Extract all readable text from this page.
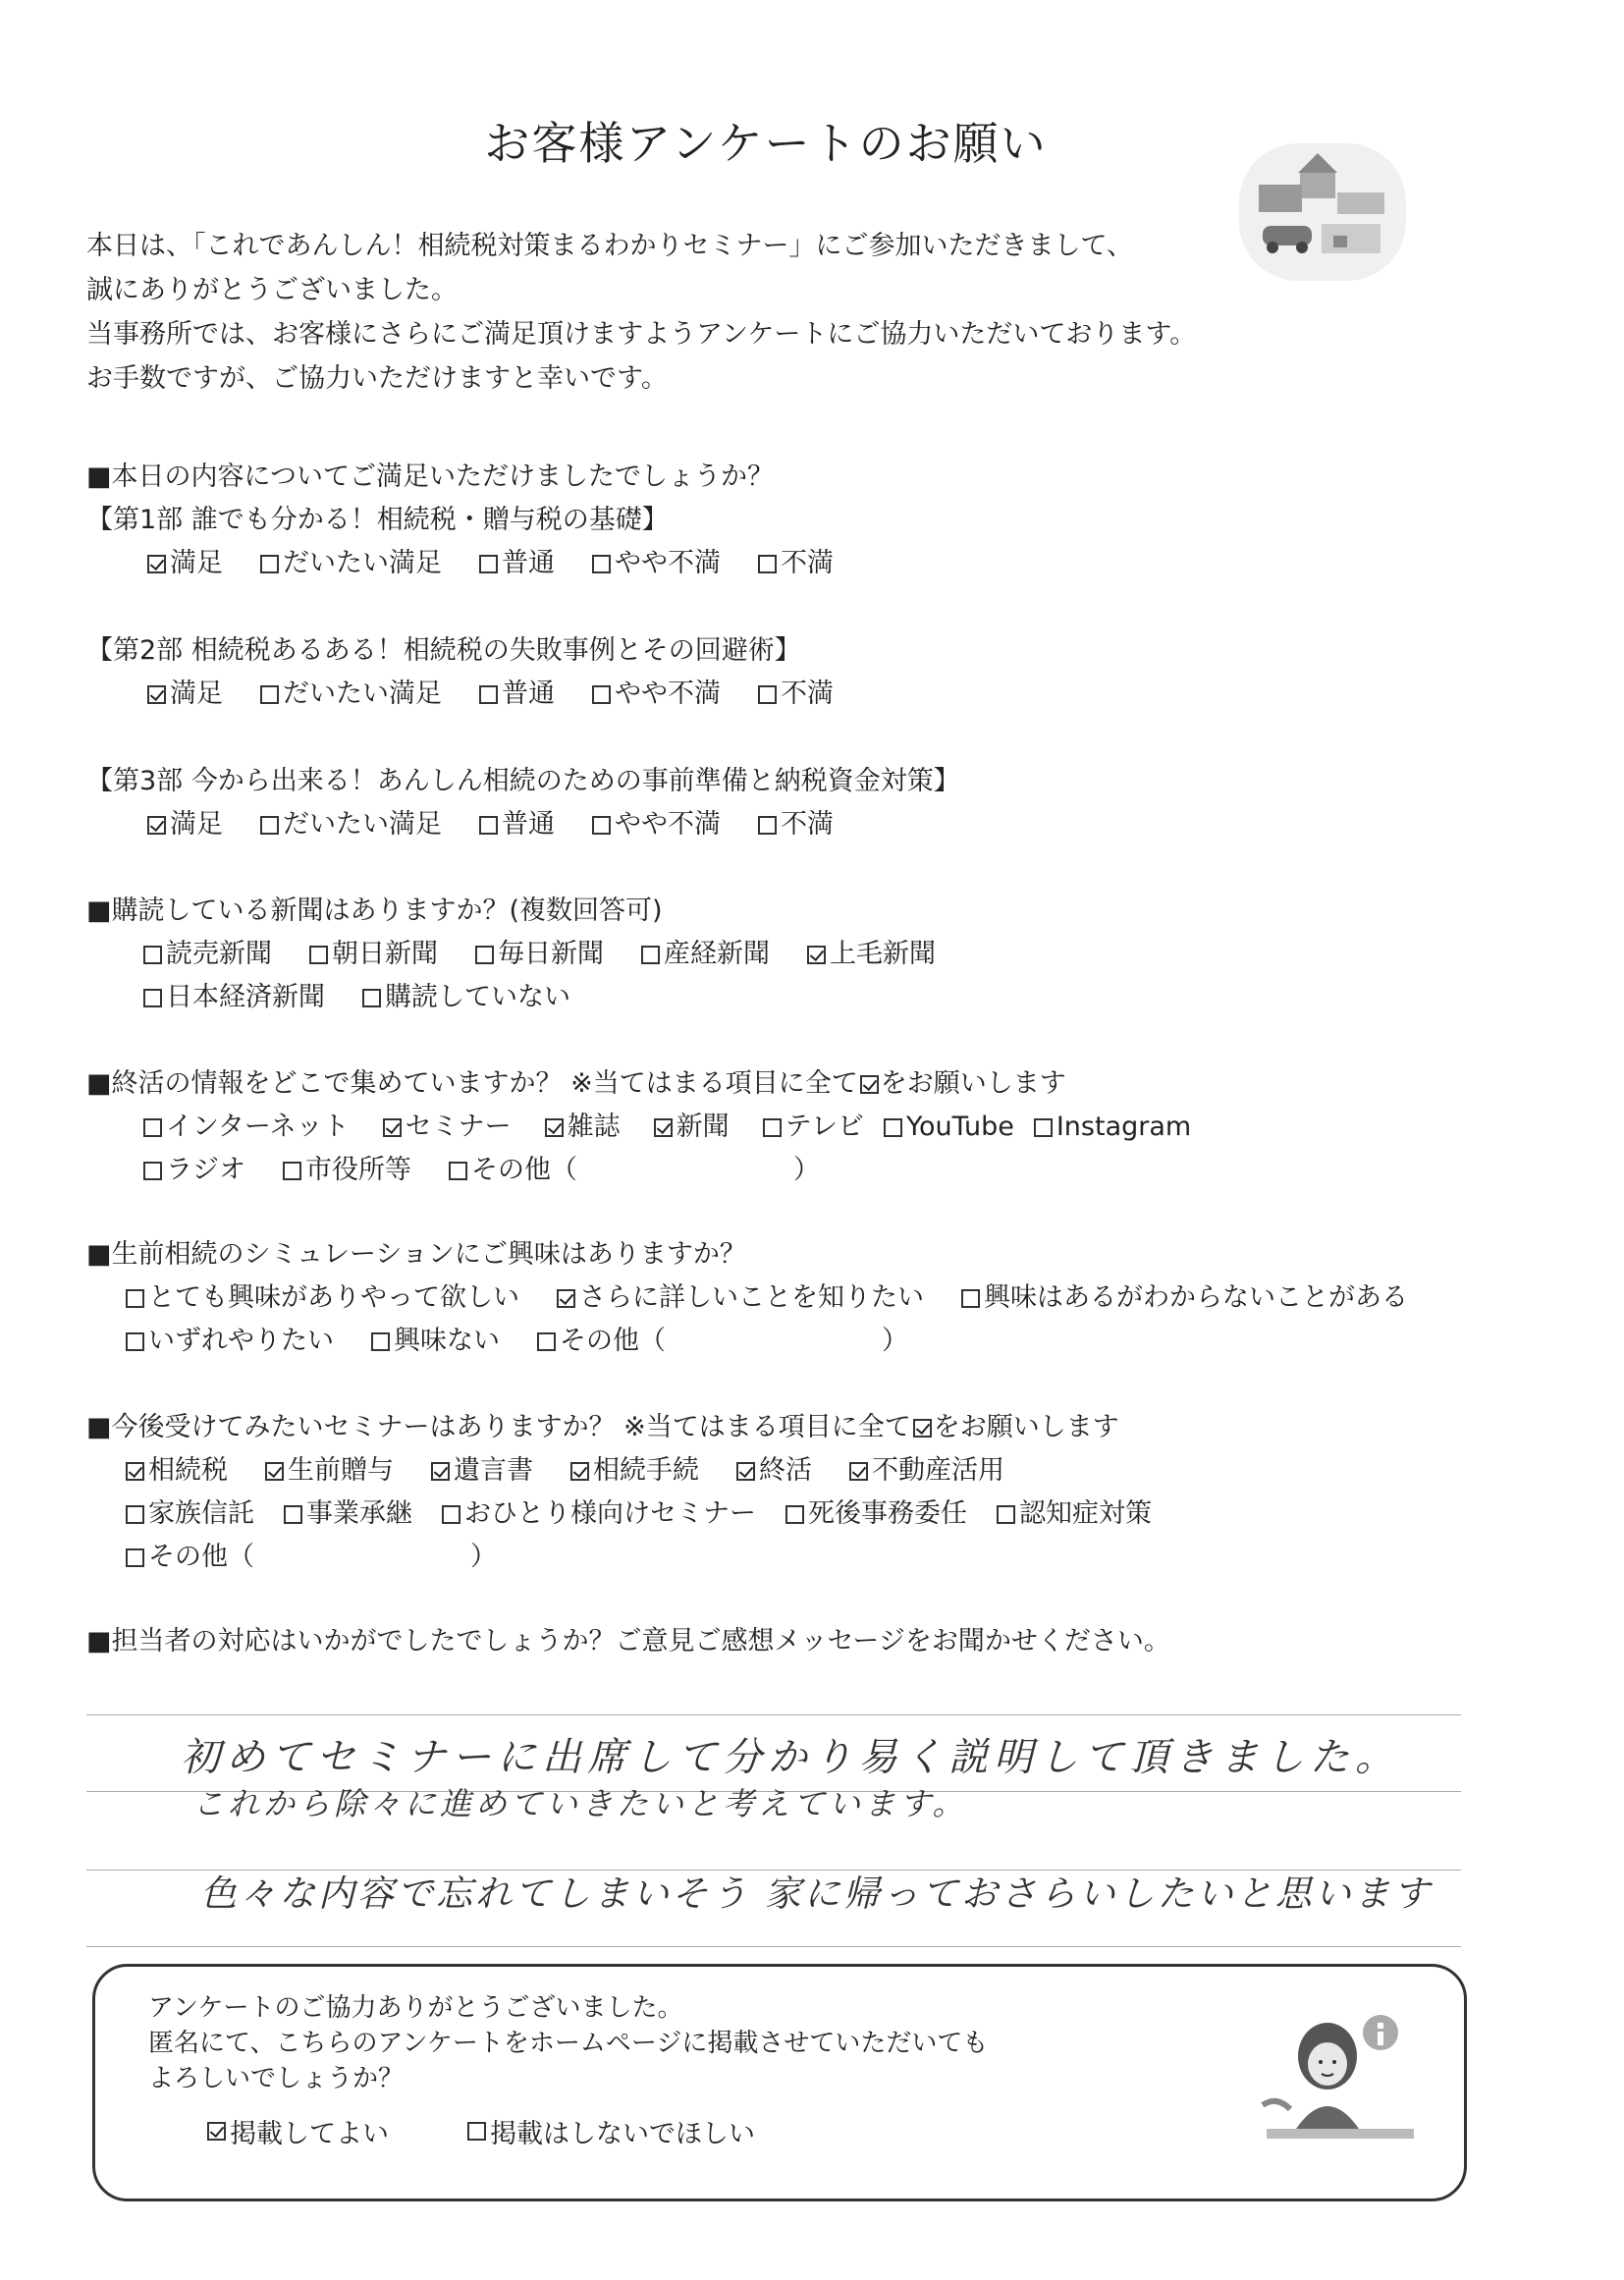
お客様アンケートのお願い

本日は、「これであんしん！相続税対策まるわかりセミナー」にご参加いただきまして、

誠にありがとうございました。

当事務所では、お客様にさらにご満足頂けますようアンケートにご協力いただいております。

お手数ですが、ご協力いただけますと幸いです。

■本日の内容についてご満足いただけましたでしょうか？

【第1部 誰でも分かる！相続税・贈与税の基礎】

満足 だいたい満足 普通 やや不満 不満

【第2部 相続税あるある！相続税の失敗事例とその回避術】

満足 だいたい満足 普通 やや不満 不満

【第3部 今から出来る！あんしん相続のための事前準備と納税資金対策】

満足 だいたい満足 普通 やや不満 不満

■購読している新聞はありますか？(複数回答可)

読売新聞 朝日新聞 毎日新聞 産経新聞 上毛新聞
日本経済新聞 購読していない

■終活の情報をどこで集めていますか？ ※当てはまる項目に全て をお願いします

インターネット セミナー 雑誌 新聞 テレビ YouTube Instagram
ラジオ 市役所等 その他（	）

■生前相続のシミュレーションにご興味はありますか？

とても興味がありやって欲しい さらに詳しいことを知りたい 興味はあるがわからないことがある
いずれやりたい 興味ない その他（	）

■今後受けてみたいセミナーはありますか？ ※当てはまる項目に全て をお願いします

相続税 生前贈与 遺言書 相続手続 終活 不動産活用
家族信託 事業承継 おひとり様向けセミナー 死後事務委任 認知症対策
その他（	）

■担当者の対応はいかがでしたでしょうか？ご意見ご感想メッセージをお聞かせください。

初めてセミナーに出席して分かり易く説明して頂きました。
これから除々に進めていきたいと考えています。
色々な内容で忘れてしまいそう 家に帰っておさらいしたいと思います

アンケートのご協力ありがとうございました。

匿名にて、こちらのアンケートをホームページに掲載させていただいても

よろしいでしょうか？

掲載してよい	掲載はしないでほしい
